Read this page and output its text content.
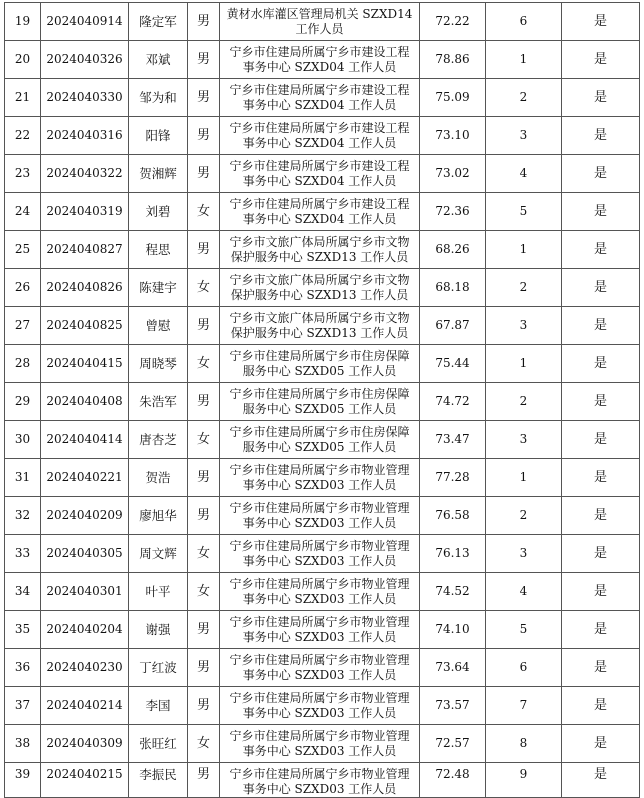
19	2024040914	隆定军	男	黄材水库灌区管理局机关 SZXD14 工作人员	72.22	6	是
20	2024040326	邓斌	男	宁乡市住建局所属宁乡市建设工程事务中心 SZXD04 工作人员	78.86	1	是
21	2024040330	邹为和	男	宁乡市住建局所属宁乡市建设工程事务中心 SZXD04 工作人员	75.09	2	是
22	2024040316	阳锋	男	宁乡市住建局所属宁乡市建设工程事务中心 SZXD04 工作人员	73.10	3	是
23	2024040322	贺湘辉	男	宁乡市住建局所属宁乡市建设工程事务中心 SZXD04 工作人员	73.02	4	是
24	2024040319	刘碧	女	宁乡市住建局所属宁乡市建设工程事务中心 SZXD04 工作人员	72.36	5	是
25	2024040827	程思	男	宁乡市文旅广体局所属宁乡市文物保护服务中心 SZXD13 工作人员	68.26	1	是
26	2024040826	陈建宇	女	宁乡市文旅广体局所属宁乡市文物保护服务中心 SZXD13 工作人员	68.18	2	是
27	2024040825	曾慰	男	宁乡市文旅广体局所属宁乡市文物保护服务中心 SZXD13 工作人员	67.87	3	是
28	2024040415	周晓琴	女	宁乡市住建局所属宁乡市住房保障服务中心 SZXD05 工作人员	75.44	1	是
29	2024040408	朱浩军	男	宁乡市住建局所属宁乡市住房保障服务中心 SZXD05 工作人员	74.72	2	是
30	2024040414	唐杏芝	女	宁乡市住建局所属宁乡市住房保障服务中心 SZXD05 工作人员	73.47	3	是
31	2024040221	贺浩	男	宁乡市住建局所属宁乡市物业管理事务中心 SZXD03 工作人员	77.28	1	是
32	2024040209	廖旭华	男	宁乡市住建局所属宁乡市物业管理事务中心 SZXD03 工作人员	76.58	2	是
33	2024040305	周文辉	女	宁乡市住建局所属宁乡市物业管理事务中心 SZXD03 工作人员	76.13	3	是
34	2024040301	叶平	女	宁乡市住建局所属宁乡市物业管理事务中心 SZXD03 工作人员	74.52	4	是
35	2024040204	谢强	男	宁乡市住建局所属宁乡市物业管理事务中心 SZXD03 工作人员	74.10	5	是
36	2024040230	丁红波	男	宁乡市住建局所属宁乡市物业管理事务中心 SZXD03 工作人员	73.64	6	是
37	2024040214	李国	男	宁乡市住建局所属宁乡市物业管理事务中心 SZXD03 工作人员	73.57	7	是
38	2024040309	张旺红	女	宁乡市住建局所属宁乡市物业管理事务中心 SZXD03 工作人员	72.57	8	是
39	2024040215	李振民	男	宁乡市住建局所属宁乡市物业管理事务中心 SZXD03 工作人员	72.48	9	是
